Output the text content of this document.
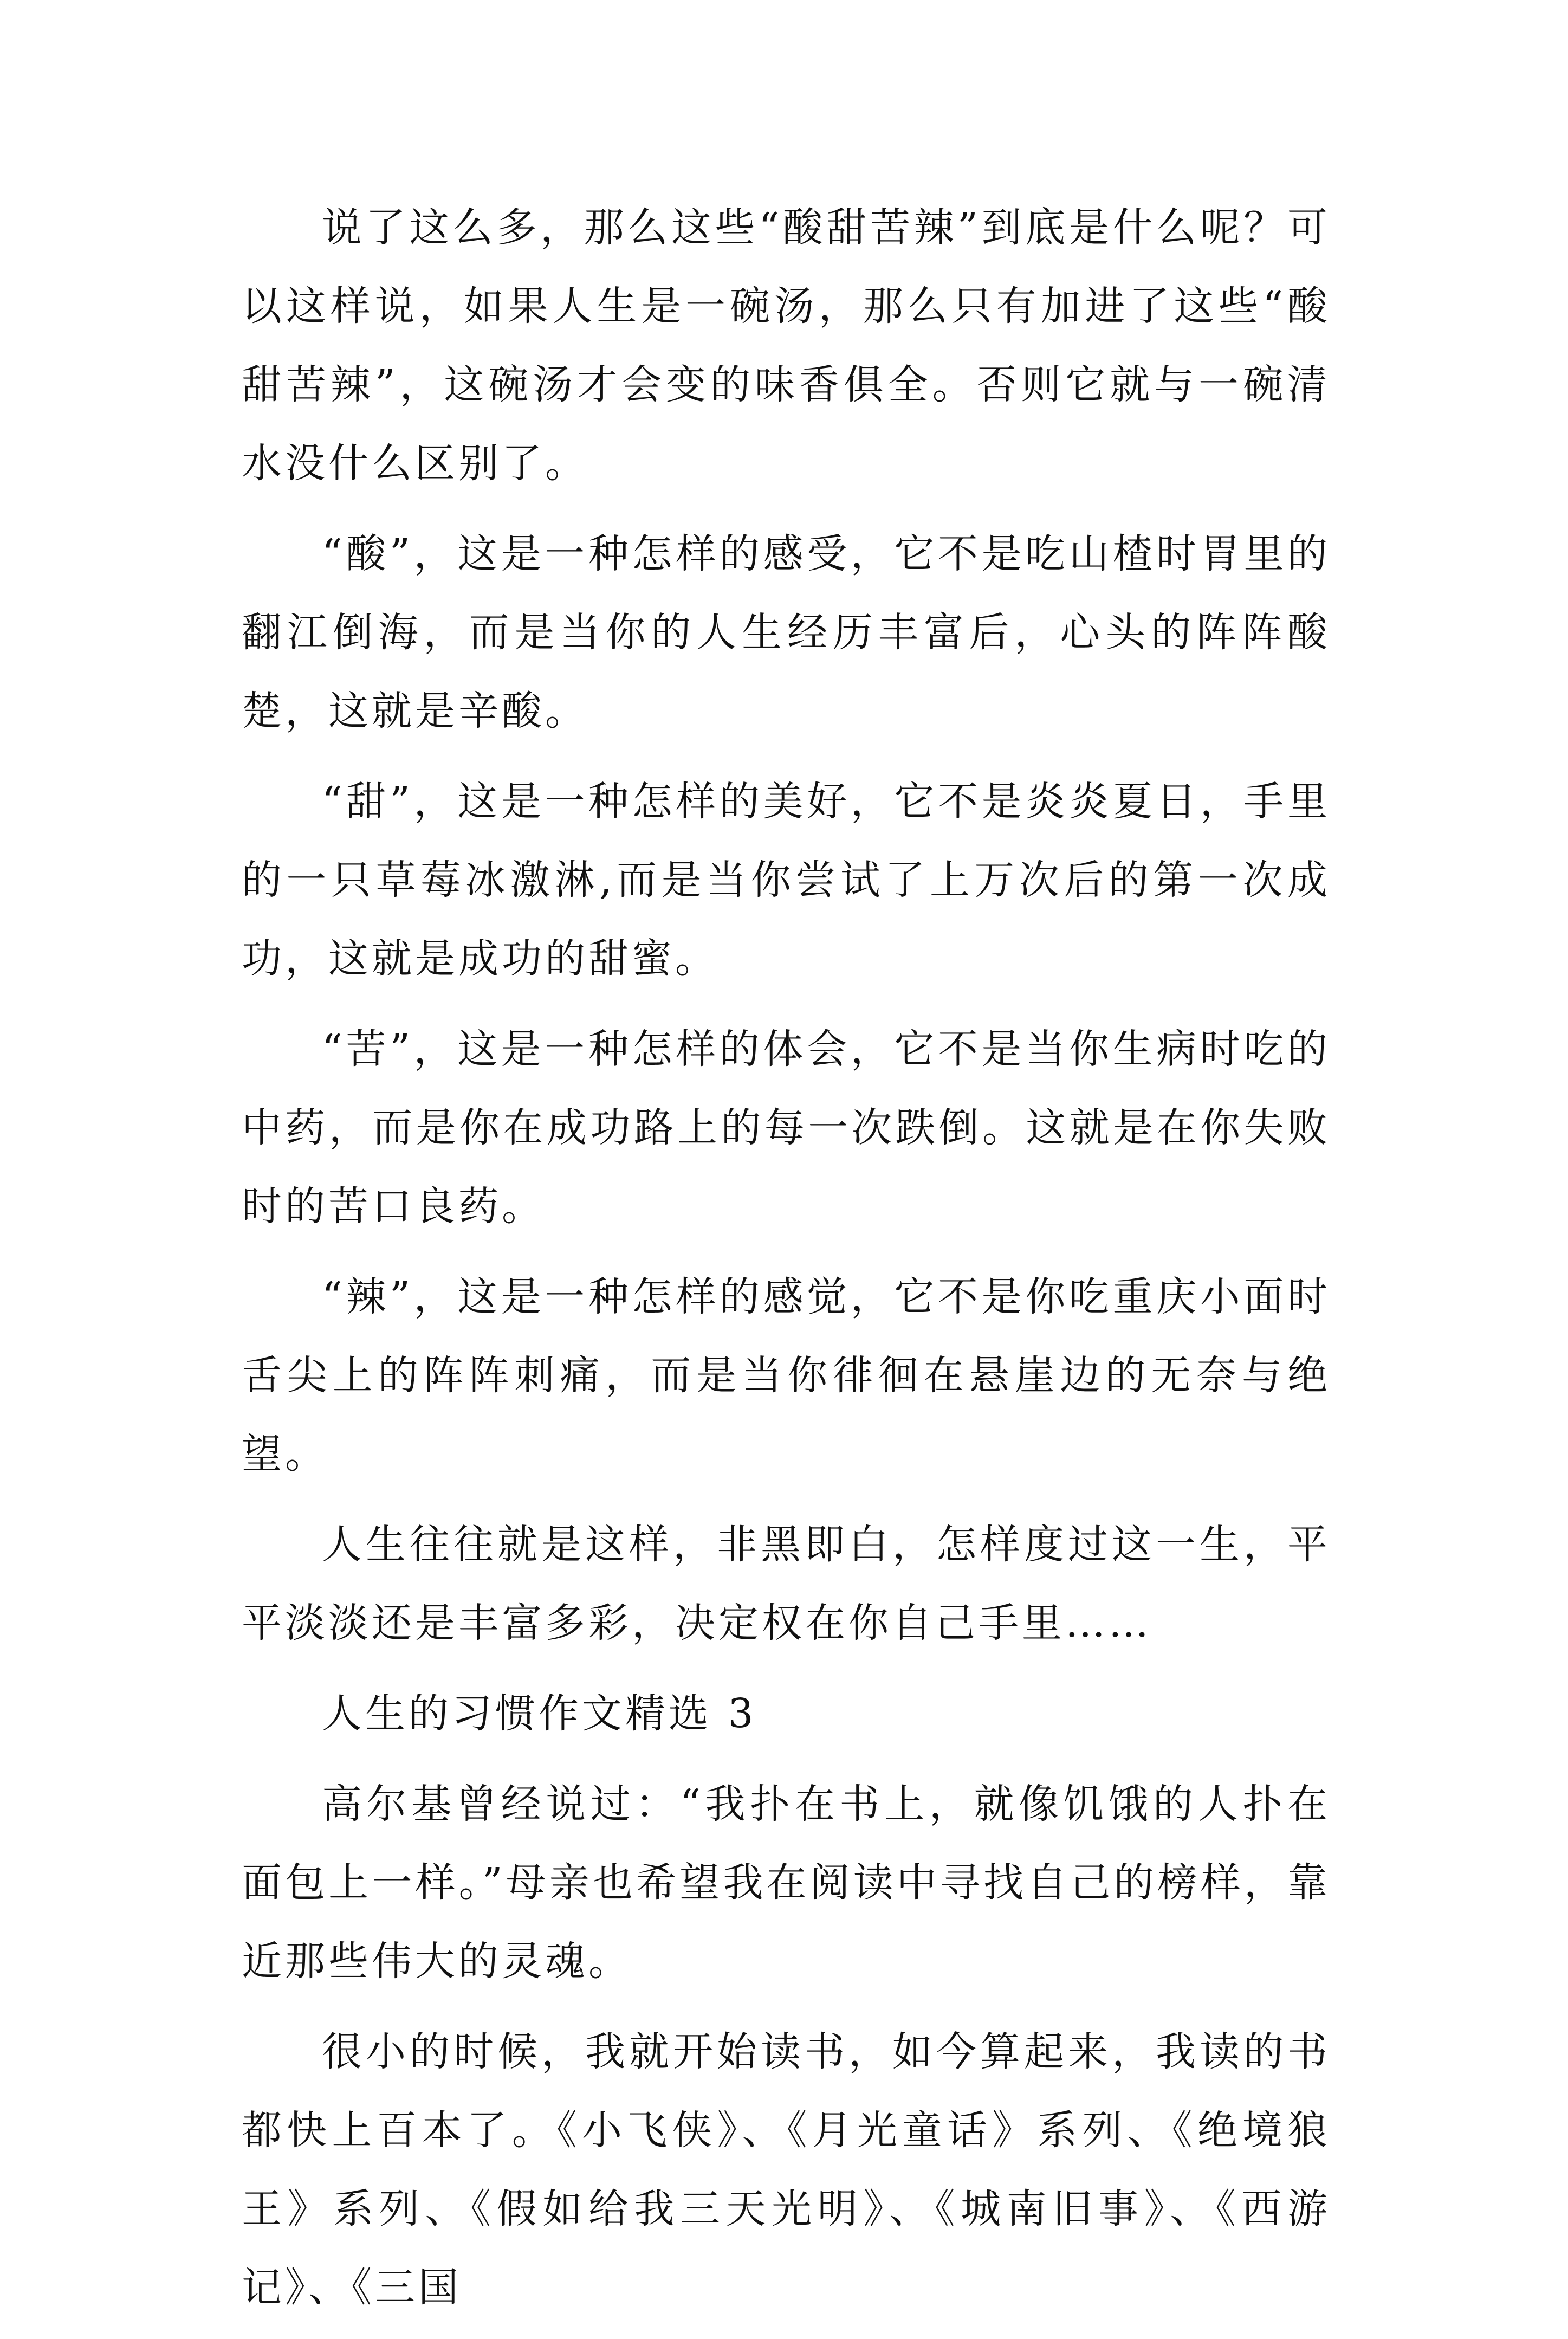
说了这么多，那么这些“酸甜苦辣”到底是什么呢？可以这样说，如果人生是一碗汤，那么只有加进了这些“酸甜苦辣”，这碗汤才会变的味香俱全。否则它就与一碗清水没什么区别了。

“酸”，这是一种怎样的感受，它不是吃山楂时胃里的翻江倒海，而是当你的人生经历丰富后，心头的阵阵酸楚，这就是辛酸。

“甜”，这是一种怎样的美好，它不是炎炎夏日，手里的一只草莓冰激淋,而是当你尝试了上万次后的第一次成功，这就是成功的甜蜜。

“苦”，这是一种怎样的体会，它不是当你生病时吃的中药，而是你在成功路上的每一次跌倒。这就是在你失败时的苦口良药。

“辣”，这是一种怎样的感觉，它不是你吃重庆小面时舌尖上的阵阵刺痛，而是当你徘徊在悬崖边的无奈与绝望。

人生往往就是这样，非黑即白，怎样度过这一生，平平淡淡还是丰富多彩，决定权在你自己手里……

人生的习惯作文精选 3

高尔基曾经说过：“我扑在书上，就像饥饿的人扑在面包上一样。”母亲也希望我在阅读中寻找自己的榜样，靠近那些伟大的灵魂。

很小的时候，我就开始读书，如今算起来，我读的书都快上百本了。《小飞侠》、《月光童话》系列、《绝境狼王》系列、《假如给我三天光明》、《城南旧事》、《西游记》、《三国
